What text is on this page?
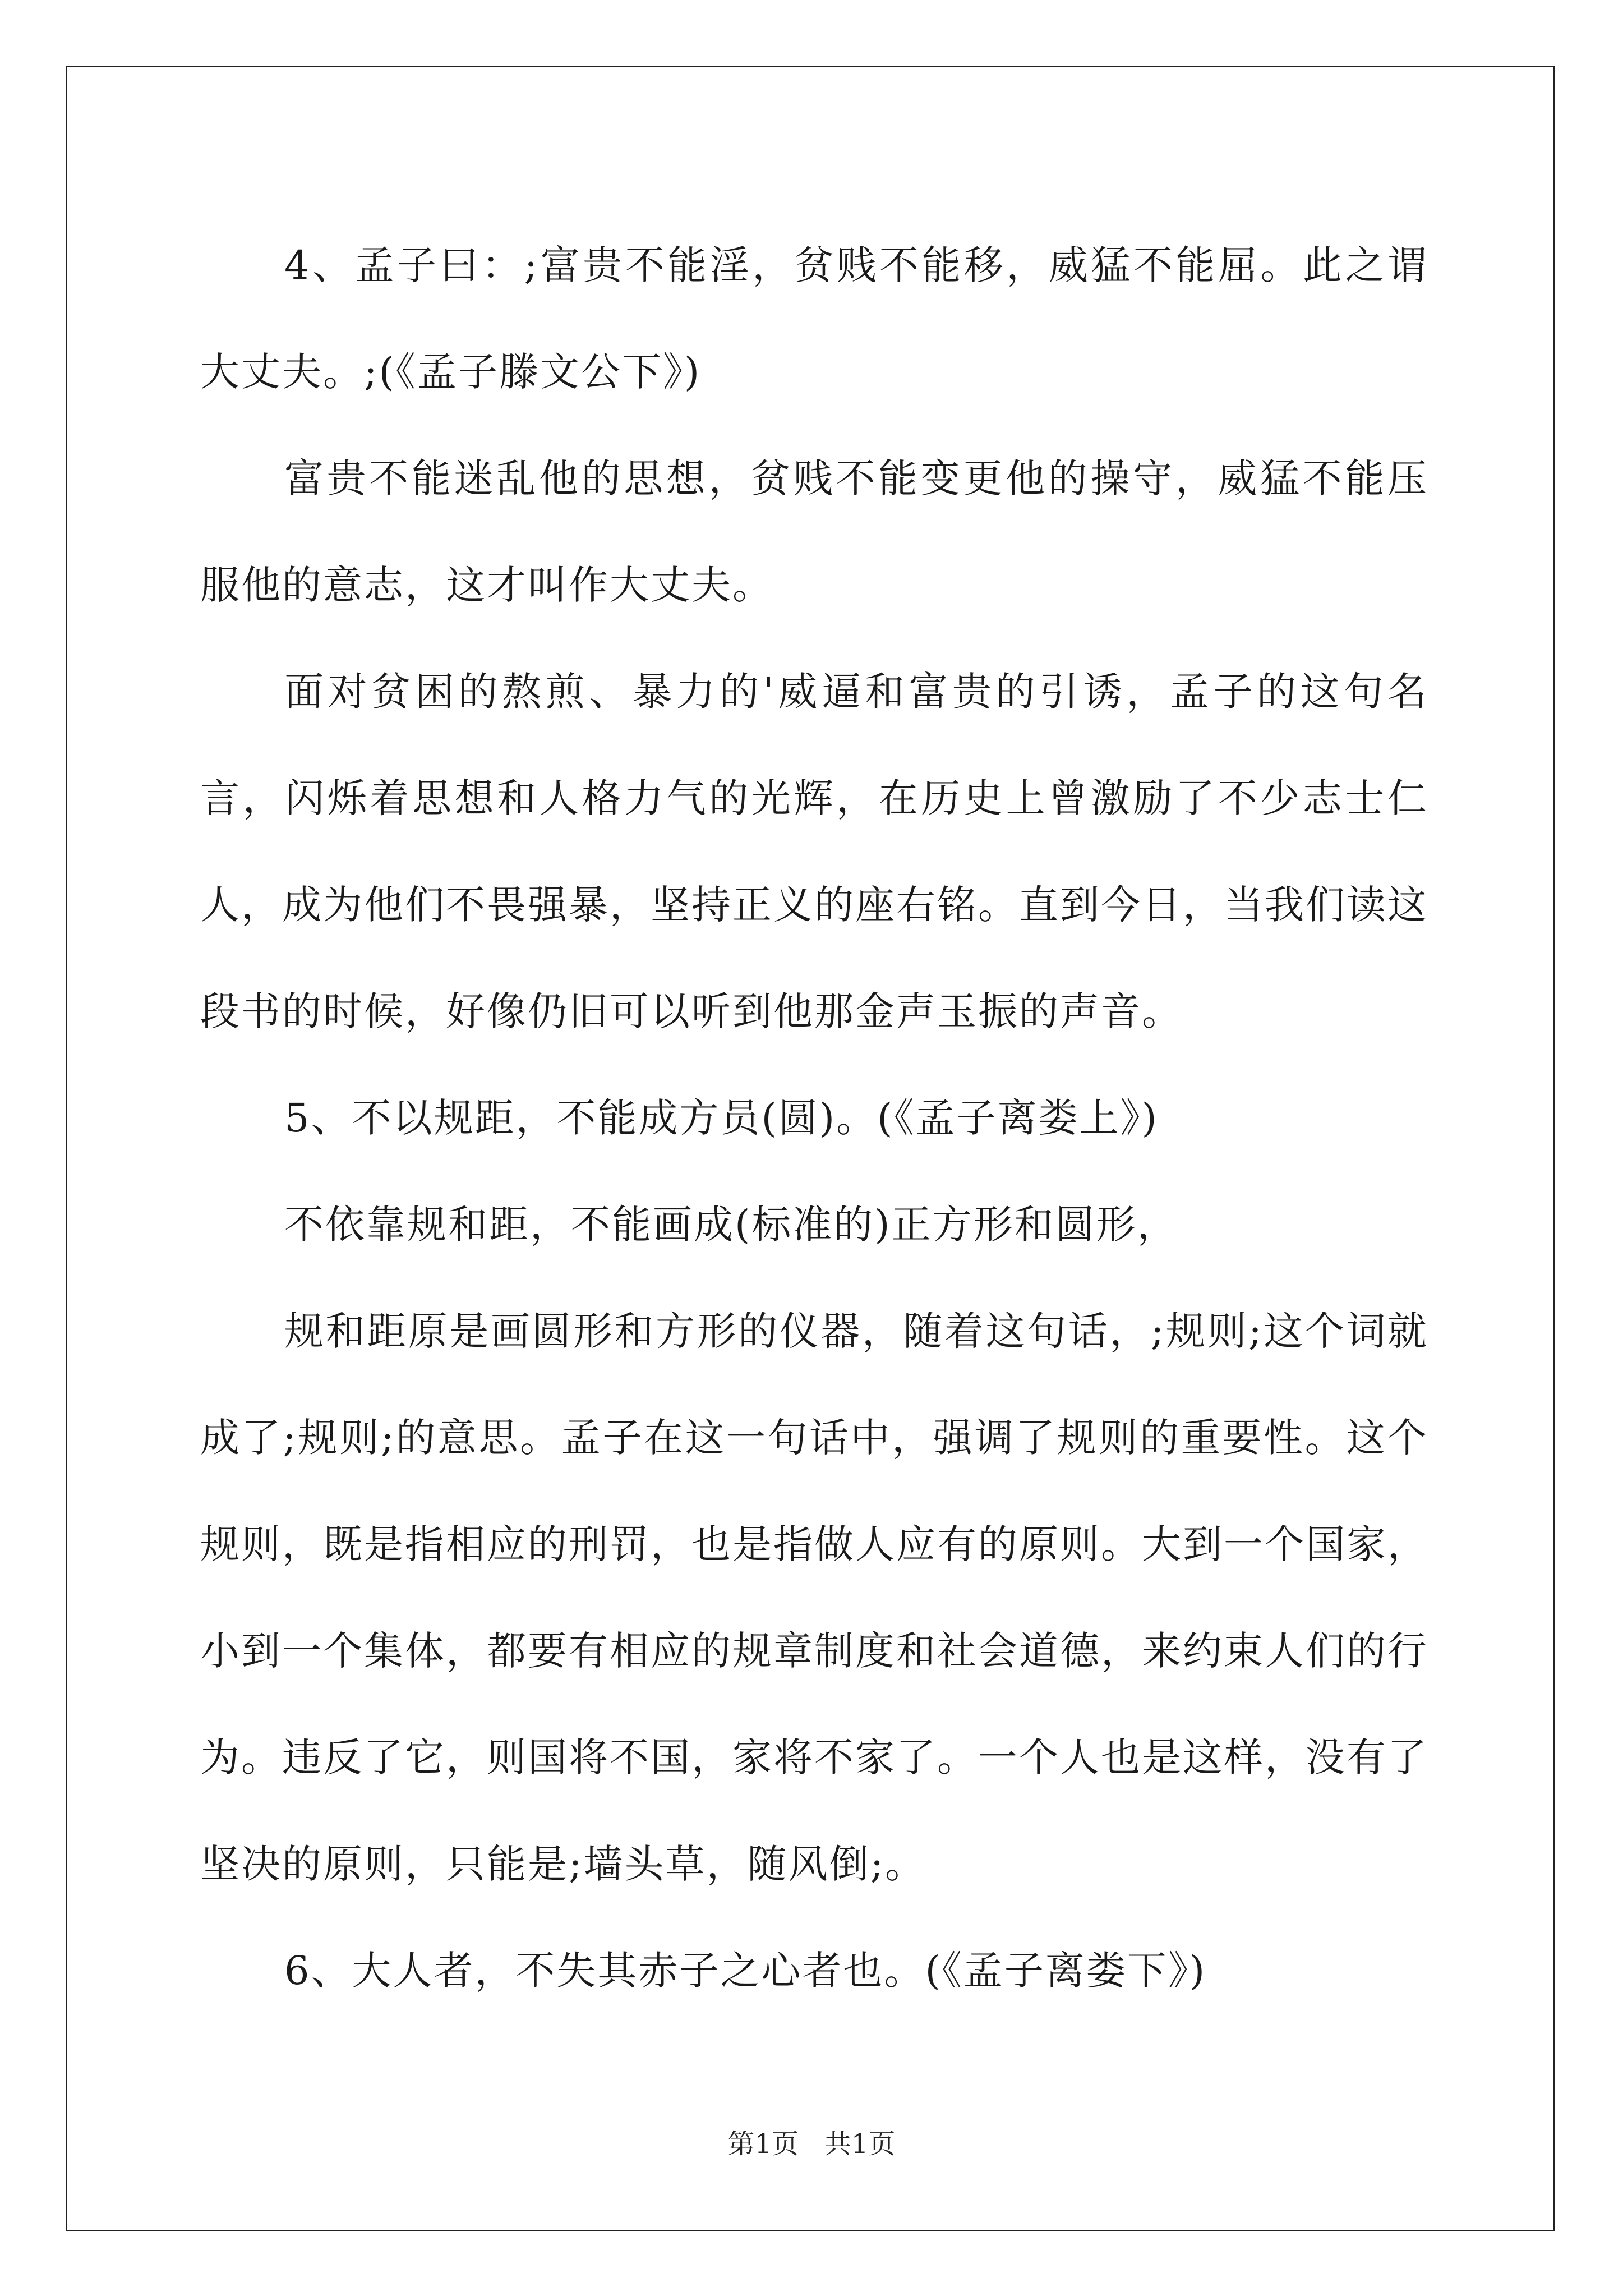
4、孟子曰：;富贵不能淫，贫贱不能移，威猛不能屈。此之谓大丈夫。;(《孟子滕文公下》)

富贵不能迷乱他的思想，贫贱不能变更他的操守，威猛不能压服他的意志，这才叫作大丈夫。

面对贫困的熬煎、暴力的'威逼和富贵的引诱，孟子的这句名言，闪烁着思想和人格力气的光辉，在历史上曾激励了不少志士仁人，成为他们不畏强暴，坚持正义的座右铭。直到今日，当我们读这段书的时候，好像仍旧可以听到他那金声玉振的声音。

5、不以规距，不能成方员(圆)。(《孟子离娄上》)

不依靠规和距，不能画成(标准的)正方形和圆形，

规和距原是画圆形和方形的仪器，随着这句话，;规则;这个词就成了;规则;的意思。孟子在这一句话中，强调了规则的重要性。这个规则，既是指相应的刑罚，也是指做人应有的原则。大到一个国家，小到一个集体，都要有相应的规章制度和社会道德，来约束人们的行为。违反了它，则国将不国，家将不家了。一个人也是这样，没有了坚决的原则，只能是;墙头草，随风倒;。

6、大人者，不失其赤子之心者也。(《孟子离娄下》)

第1页   共1页
